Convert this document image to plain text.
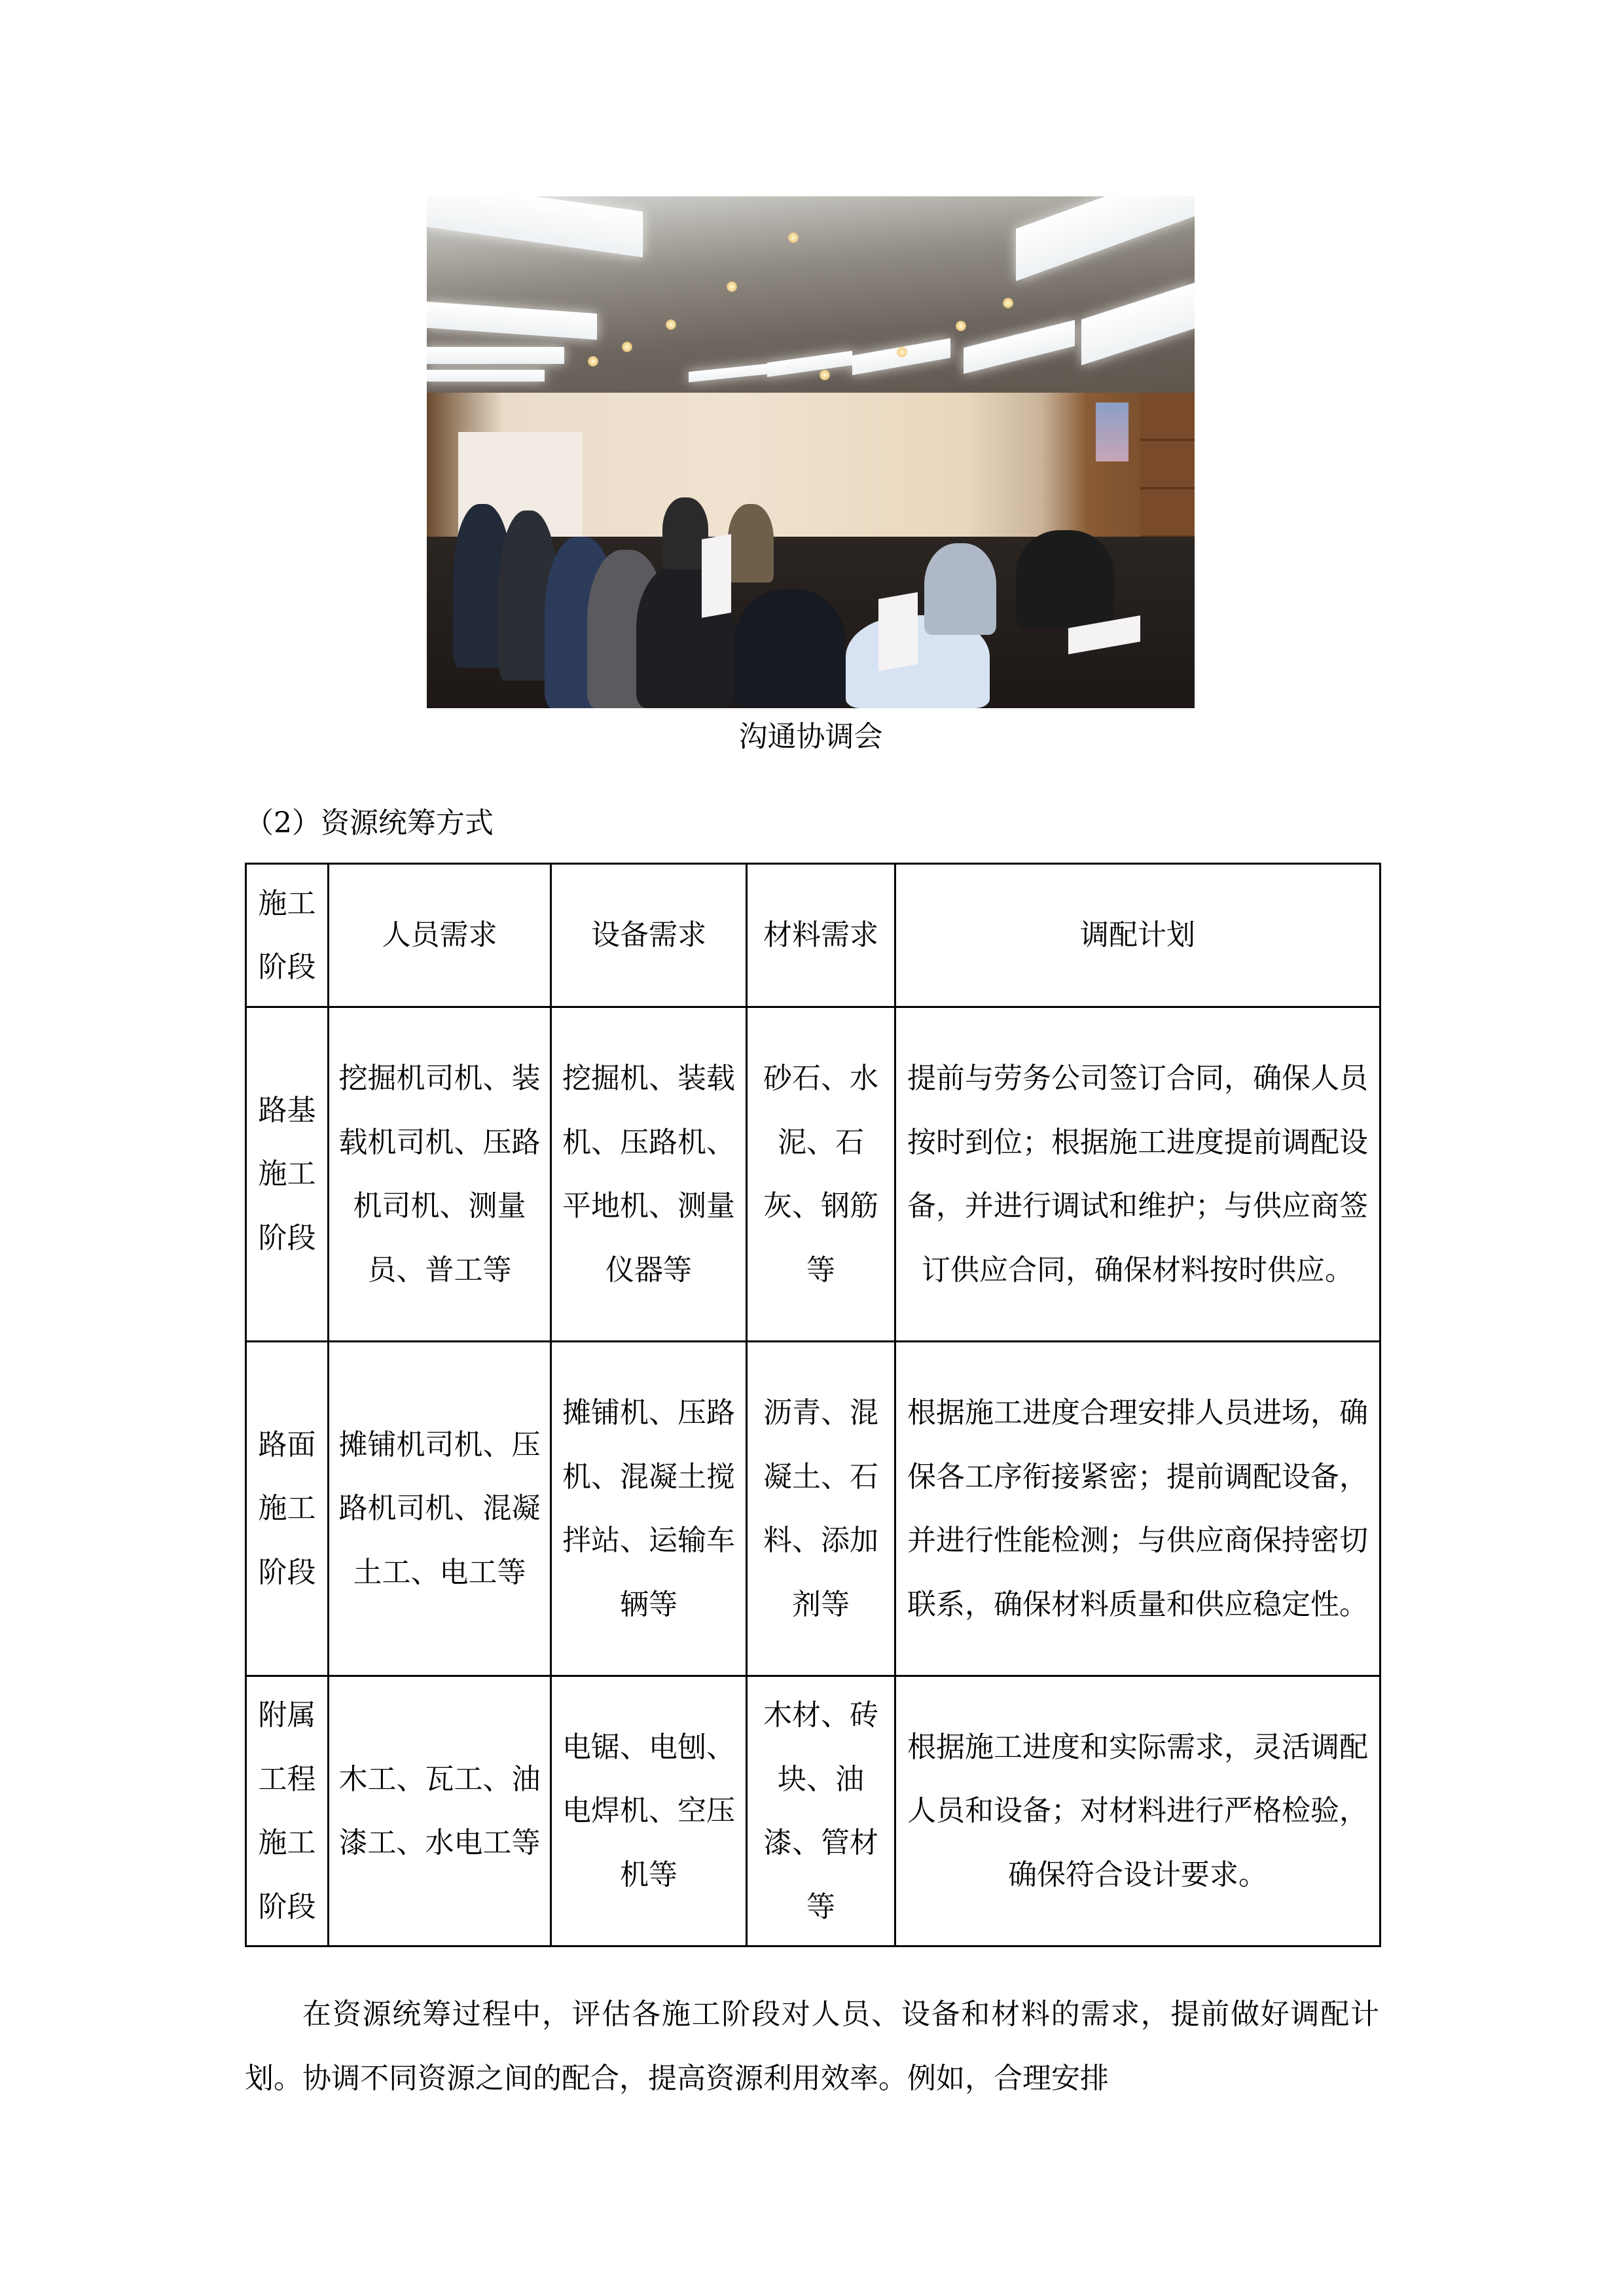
沟通协调会
（2）资源统筹方式
施工阶段	人员需求	设备需求	材料需求	调配计划
路基施工阶段	挖掘机司机、装载机司机、压路机司机、测量员、普工等	挖掘机、装载机、压路机、平地机、测量仪器等	砂石、水泥、石灰、钢筋等	提前与劳务公司签订合同，确保人员按时到位；根据施工进度提前调配设备，并进行调试和维护；与供应商签订供应合同，确保材料按时供应。
路面施工阶段	摊铺机司机、压路机司机、混凝土工、电工等	摊铺机、压路机、混凝土搅拌站、运输车辆等	沥青、混凝土、石料、添加剂等	根据施工进度合理安排人员进场，确保各工序衔接紧密；提前调配设备，并进行性能检测；与供应商保持密切联系，确保材料质量和供应稳定性。
附属工程施工阶段	木工、瓦工、油漆工、水电工等	电锯、电刨、电焊机、空压机等	木材、砖块、油漆、管材等	根据施工进度和实际需求，灵活调配人员和设备；对材料进行严格检验，确保符合设计要求。

在资源统筹过程中，评估各施工阶段对人员、设备和材料的需求，提前做好调配计划。协调不同资源之间的配合，提高资源利用效率。例如，合理安排
